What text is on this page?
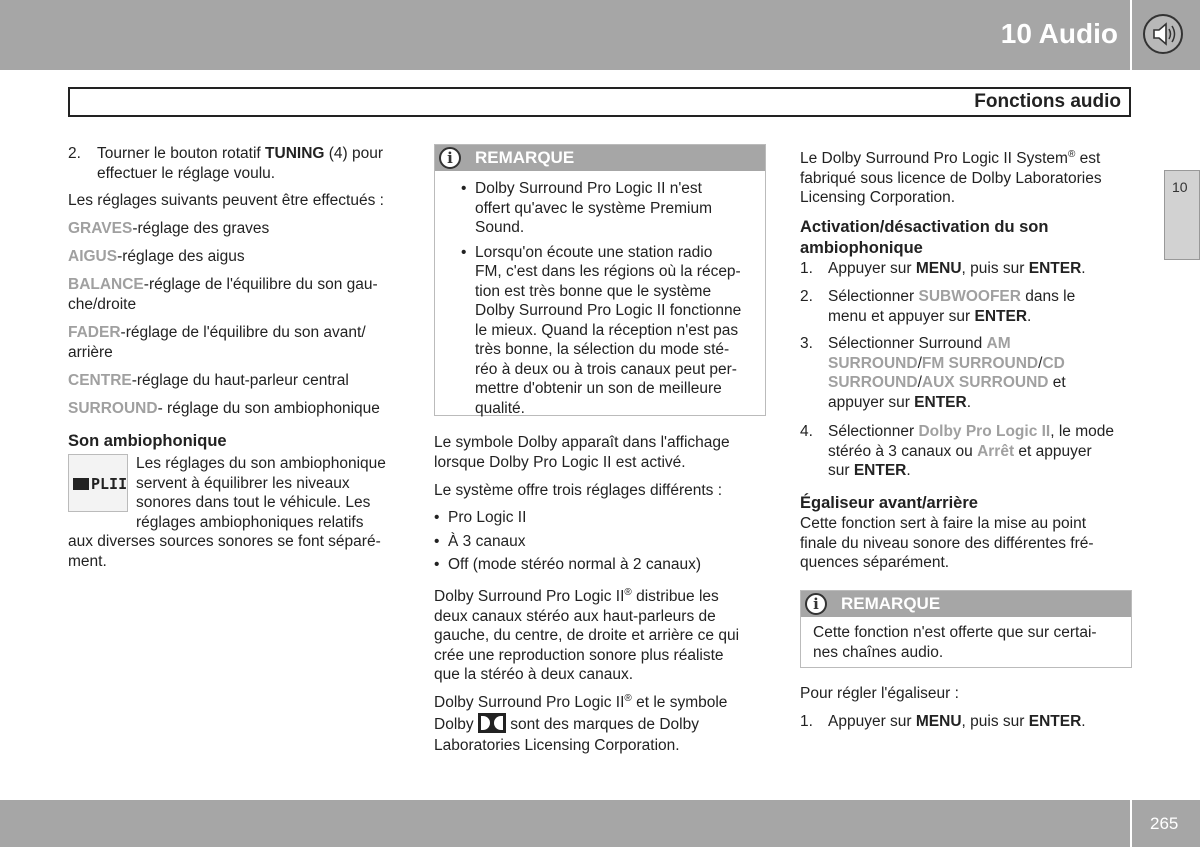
10 Audio
Fonctions audio
10
2. Tourner le bouton rotatif TUNING (4) pour
effectuer le réglage voulu.

Les réglages suivants peuvent être effectués :

GRAVES-réglage des graves

AIGUS-réglage des aigus

BALANCE-réglage de l'équilibre du son gau-
che/droite

FADER-réglage de l'équilibre du son avant/
arrière

CENTRE-réglage du haut-parleur central

SURROUND- réglage du son ambiophonique

Son ambiophonique

PLII
Les réglages du son ambiophonique
servent à équilibrer les niveaux
sonores dans tout le véhicule. Les
réglages ambiophoniques relatifs
aux diverses sources sonores se font séparé-
ment.
i	REMARQUE
• Dolby Surround Pro Logic II n'est
offert qu'avec le système Premium
Sound.
• Lorsqu'on écoute une station radio
FM, c'est dans les régions où la récep-
tion est très bonne que le système
Dolby Surround Pro Logic II fonctionne
le mieux. Quand la réception n'est pas
très bonne, la sélection du mode sté-
réo à deux ou à trois canaux peut per-
mettre d'obtenir un son de meilleure
qualité.
Le symbole Dolby apparaît dans l'affichage
lorsque Dolby Pro Logic II est activé.

Le système offre trois réglages différents :

• Pro Logic II
• À 3 canaux
• Off (mode stéréo normal à 2 canaux)
Dolby Surround Pro Logic II® distribue les
deux canaux stéréo aux haut-parleurs de
gauche, du centre, de droite et arrière ce qui
crée une reproduction sonore plus réaliste
que la stéréo à deux canaux.
Dolby Surround Pro Logic II® et le symbole
Dolby
sont des marques de Dolby
Laboratories Licensing Corporation.
Le Dolby Surround Pro Logic II System® est
fabriqué sous licence de Dolby Laboratories
Licensing Corporation.
Activation/désactivation du son
ambiophonique
1. Appuyer sur MENU, puis sur ENTER.
2. Sélectionner SUBWOOFER dans le
menu et appuyer sur ENTER.
3. Sélectionner Surround AM
SURROUND/FM SURROUND/CD
SURROUND/AUX SURROUND et
appuyer sur ENTER.
4. Sélectionner Dolby Pro Logic II, le mode
stéréo à 3 canaux ou Arrêt et appuyer
sur ENTER.

Égaliseur avant/arrière

Cette fonction sert à faire la mise au point
finale du niveau sonore des différentes fré-
quences séparément.
i	REMARQUE
Cette fonction n'est offerte que sur certai-
nes chaînes audio.

Pour régler l'égaliseur :

1. Appuyer sur MENU, puis sur ENTER.
265
